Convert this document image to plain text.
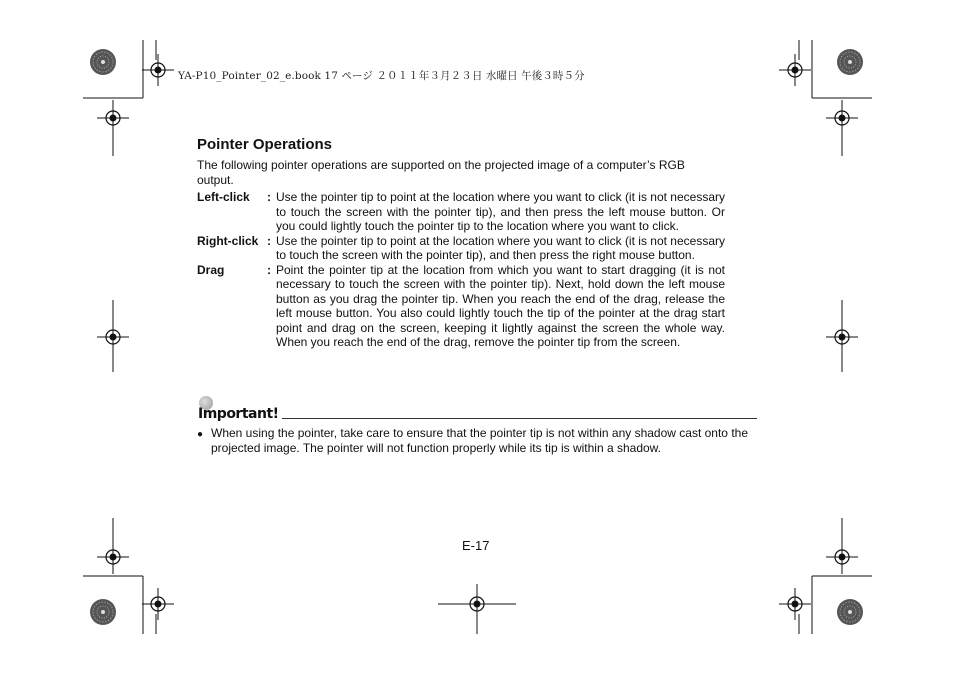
YA-P10_Pointer_02_e.book 17 ページ ２０１１年３月２３日 水曜日 午後３時５分
Pointer Operations

The following pointer operations are supported on the projected image of a computer’s RGB output.

Left-click	: Use the pointer tip to point at the location where you want to click (it is not necessary to touch the screen with the pointer tip), and then press the left mouse button. Or you could lightly touch the pointer tip to the location where you want to click.
Right-click : Use the pointer tip to point at the location where you want to click (it is not necessary to touch the screen with the pointer tip), and then press the right mouse button.
Drag	: Point the pointer tip at the location from which you want to start dragging (it is not necessary to touch the screen with the pointer tip). Next, hold down the left mouse button as you drag the pointer tip. When you reach the end of the drag, release the left mouse button. You also could lightly touch the tip of the pointer at the drag start point and drag on the screen, keeping it lightly against the screen the whole way. When you reach the end of the drag, remove the pointer tip from the screen.
Important!
● When using the pointer, take care to ensure that the pointer tip is not within any shadow cast onto the projected image. The pointer will not function properly while its tip is within a shadow.
E-17
